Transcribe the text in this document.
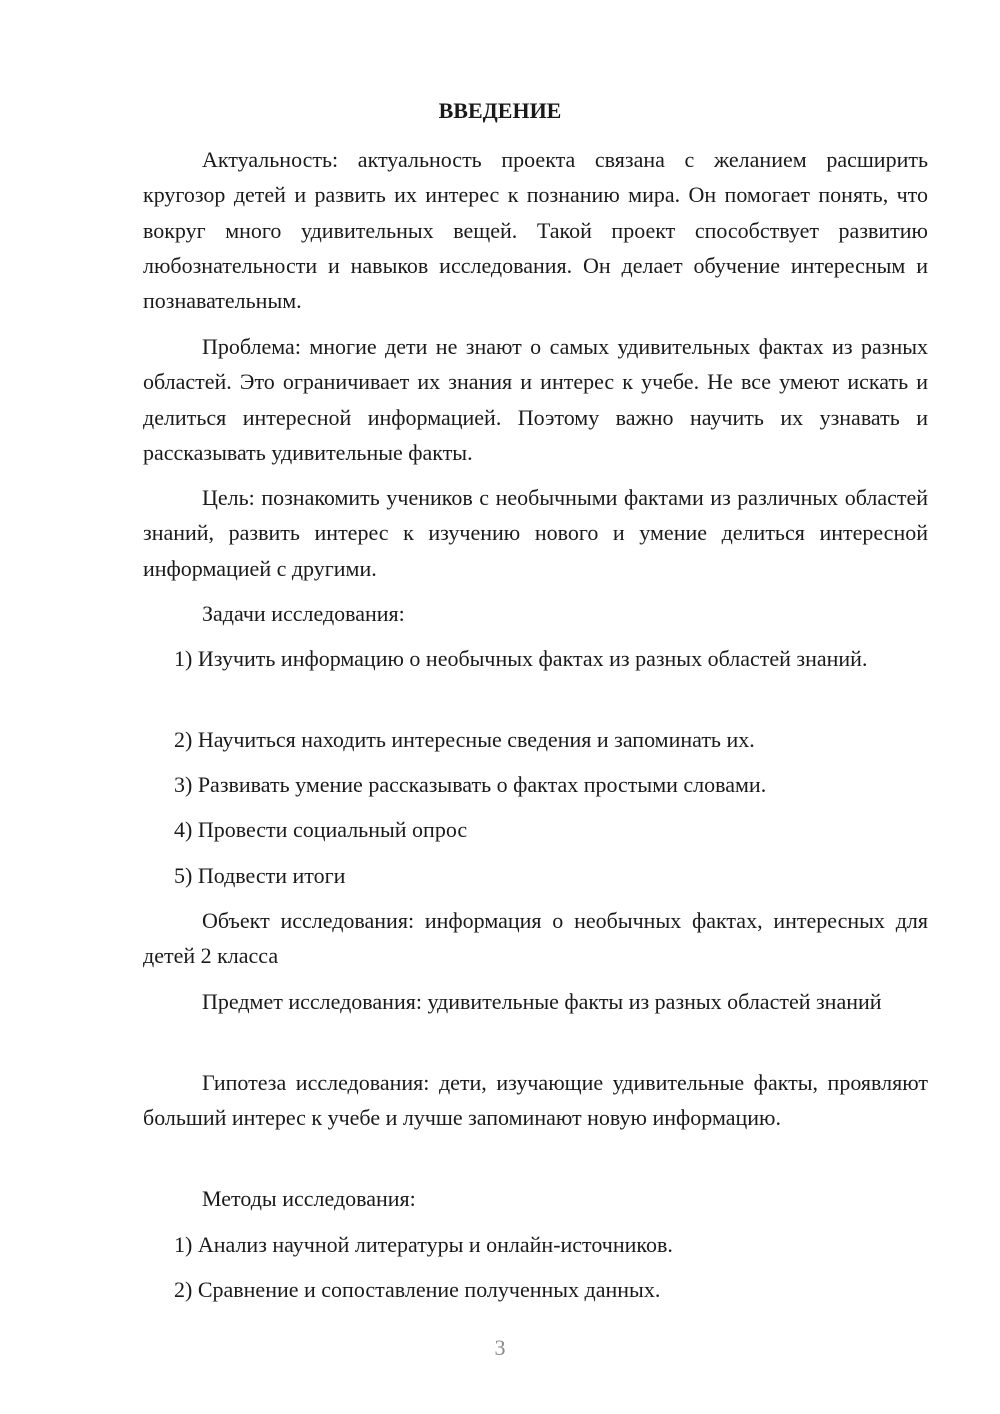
ВВЕДЕНИЕ

Актуальность: актуальность проекта связана с желанием расширить кругозор детей и развить их интерес к познанию мира. Он помогает понять, что вокруг много удивительных вещей. Такой проект способствует развитию любознательности и навыков исследования. Он делает обучение интересным и познавательным.

Проблема: многие дети не знают о самых удивительных фактах из разных областей. Это ограничивает их знания и интерес к учебе. Не все умеют искать и делиться интересной информацией. Поэтому важно научить их узнавать и рассказывать удивительные факты.

Цель: познакомить учеников с необычными фактами из различных областей знаний, развить интерес к изучению нового и умение делиться интересной информацией с другими.

Задачи исследования:

1) Изучить информацию о необычных фактах из разных областей знаний.

2) Научиться находить интересные сведения и запоминать их.

3) Развивать умение рассказывать о фактах простыми словами.

4) Провести социальный опрос

5) Подвести итоги

Объект исследования: информация о необычных фактах, интересных для детей 2 класса

Предмет исследования: удивительные факты из разных областей знаний

Гипотеза исследования: дети, изучающие удивительные факты, проявляют больший интерес к учебе и лучше запоминают новую информацию.

Методы исследования:

1) Анализ научной литературы и онлайн-источников.

2) Сравнение и сопоставление полученных данных.

3
